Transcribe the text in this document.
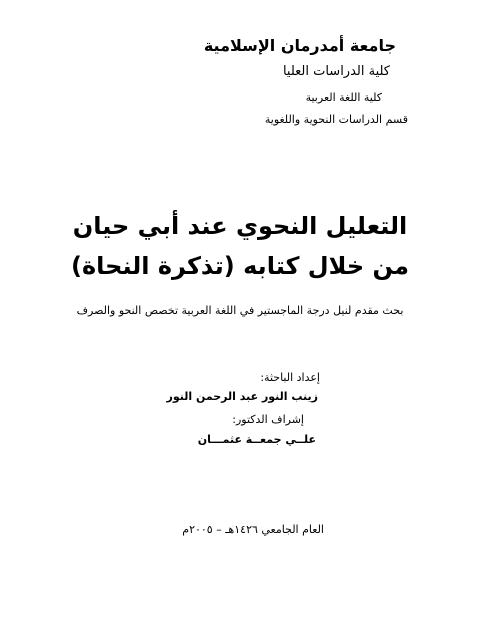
جامعة أمدرمان الإسلامية
كلية الدراسات العليا
كلية اللغة العربية
قسم الدراسات النحوية واللغوية
التعليل النحوي عند أبي حيان
من خلال كتابه (تذكرة النحاة)
بحث مقدم لنيل درجة الماجستير في اللغة العربية تخصص النحو والصرف
إعداد الباحثة:
زينب النور عبد الرحمن النور
إشراف الدكتور:
علــي جمعــة عثمـــان
العام الجامعي ١٤٢٦هـ – ٢٠٠٥م
